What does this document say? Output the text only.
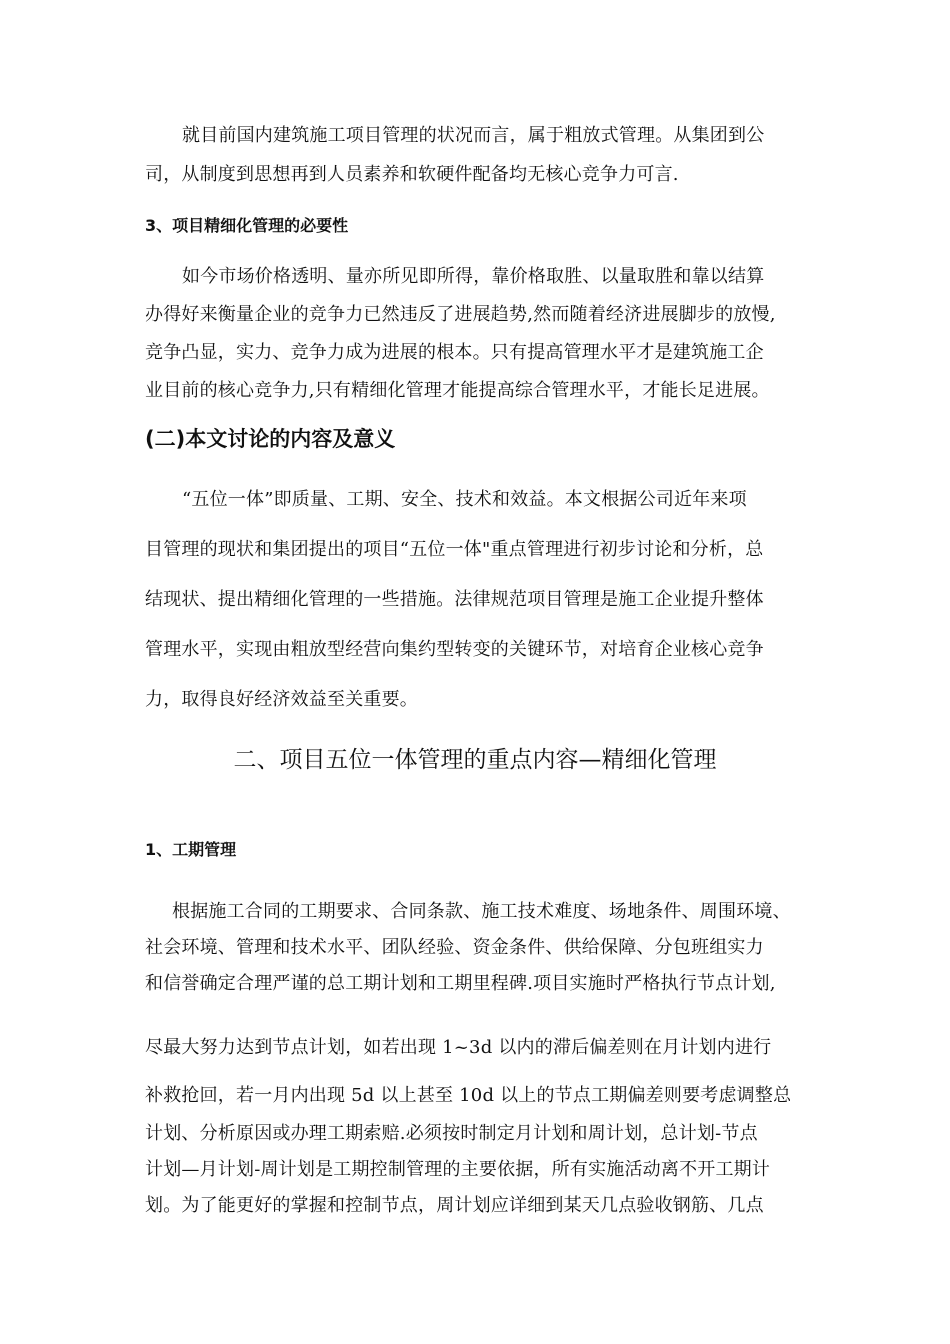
就目前国内建筑施工项目管理的状况而言，属于粗放式管理。从集团到公
司，从制度到思想再到人员素养和软硬件配备均无核心竞争力可言.
3、项目精细化管理的必要性
如今市场价格透明、量亦所见即所得，靠价格取胜、以量取胜和靠以结算
办得好来衡量企业的竞争力已然违反了进展趋势,然而随着经济进展脚步的放慢,
竞争凸显，实力、竞争力成为进展的根本。只有提高管理水平才是建筑施工企
业目前的核心竞争力,只有精细化管理才能提高综合管理水平，才能长足进展。
(二)本文讨论的内容及意义
“五位一体”即质量、工期、安全、技术和效益。本文根据公司近年来项
目管理的现状和集团提出的项目“五位一体"重点管理进行初步讨论和分析，总
结现状、提出精细化管理的一些措施。法律规范项目管理是施工企业提升整体
管理水平，实现由粗放型经营向集约型转变的关键环节，对培育企业核心竞争
力，取得良好经济效益至关重要。
二、项目五位一体管理的重点内容—精细化管理
1、工期管理
根据施工合同的工期要求、合同条款、施工技术难度、场地条件、周围环境、
社会环境、管理和技术水平、团队经验、资金条件、供给保障、分包班组实力
和信誉确定合理严谨的总工期计划和工期里程碑.项目实施时严格执行节点计划,
尽最大努力达到节点计划，如若出现 1~3d 以内的滞后偏差则在月计划内进行
补救抢回，若一月内出现 5d 以上甚至 10d 以上的节点工期偏差则要考虑调整总
计划、分析原因或办理工期索赔.必须按时制定月计划和周计划，总计划-节点
计划—月计划-周计划是工期控制管理的主要依据，所有实施活动离不开工期计
划。为了能更好的掌握和控制节点，周计划应详细到某天几点验收钢筋、几点
